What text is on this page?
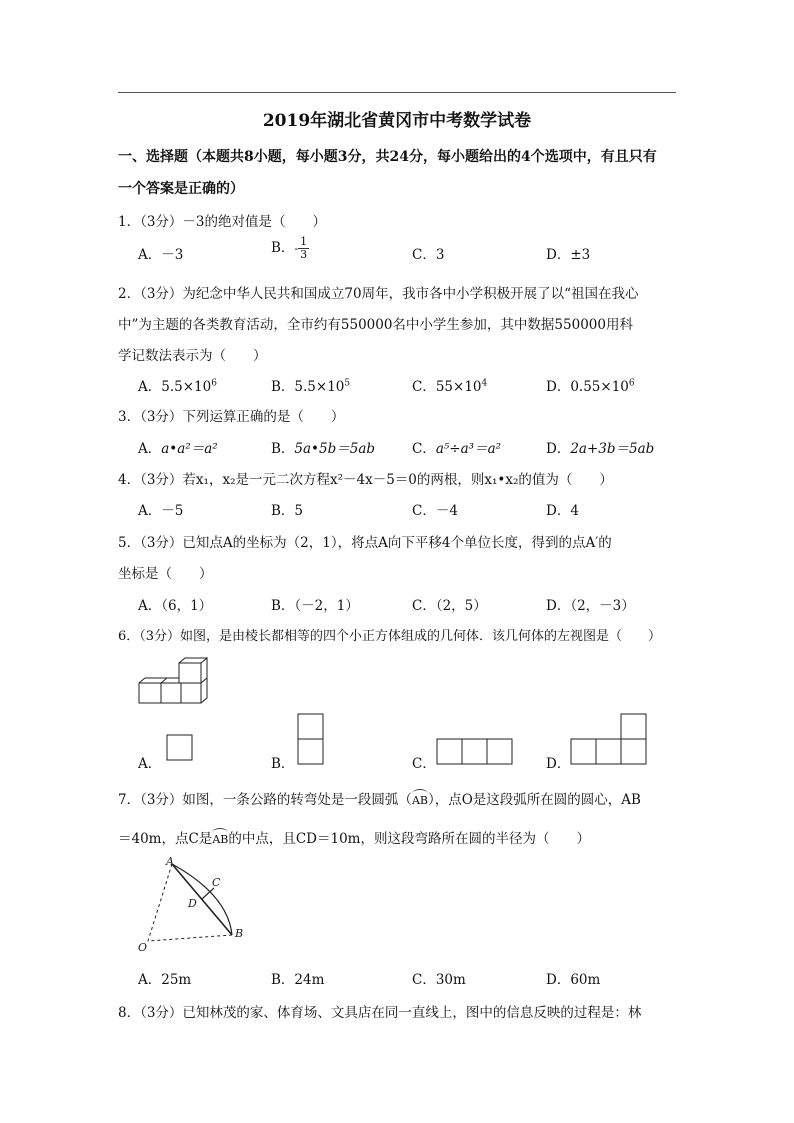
2019年湖北省黄冈市中考数学试卷
一、选择题（本题共8小题，每小题3分，共24分，每小题给出的4个选项中，有且只有
一个答案是正确的）
1．（3分）－3的绝对值是（　　）
A．－3	B．- $\frac{1}{3}$	C．3	D．±3
2．（3分）为纪念中华人民共和国成立70周年，我市各中小学积极开展了以“祖国在我心
中”为主题的各类教育活动，全市约有550000名中小学生参加，其中数据550000用科
学记数法表示为（　　）
A．$5.5\times 10^6$	B．$5.5\times 10^5$	C．$55\times 10^4$	D．$0.55\times 10^6$
3．（3分）下列运算正确的是（　　）
A．a•a²＝a²	B．5a•5b＝5ab	C．a⁵÷a³＝a²	D．2a+3b＝5ab
4．（3分）若x₁，x₂是一元二次方程x²－4x－5＝0的两根，则x₁•x₂的值为（　　）
A．－5	B．5	C．－4	D．4
5．（3分）已知点A的坐标为（2，1），将点A向下平移4个单位长度，得到的点A′的
坐标是（　　）
A．（6，1）	B．（－2，1）	C．（2，5）	D．（2，－3）
6．（3分）如图，是由棱长都相等的四个小正方体组成的几何体．该几何体的左视图是（　　）
A．	B．	C．	D．
7．（3分）如图，一条公路的转弯处是一段圆弧（AB），点O是这段弧所在圆的圆心，AB
＝40m，点C是AB的中点，且CD＝10m，则这段弯路所在圆的半径为（　　）
A
C
D
B
O
A．25m	B．24m	C．30m	D．60m
8．（3分）已知林茂的家、体育场、文具店在同一直线上，图中的信息反映的过程是：林
